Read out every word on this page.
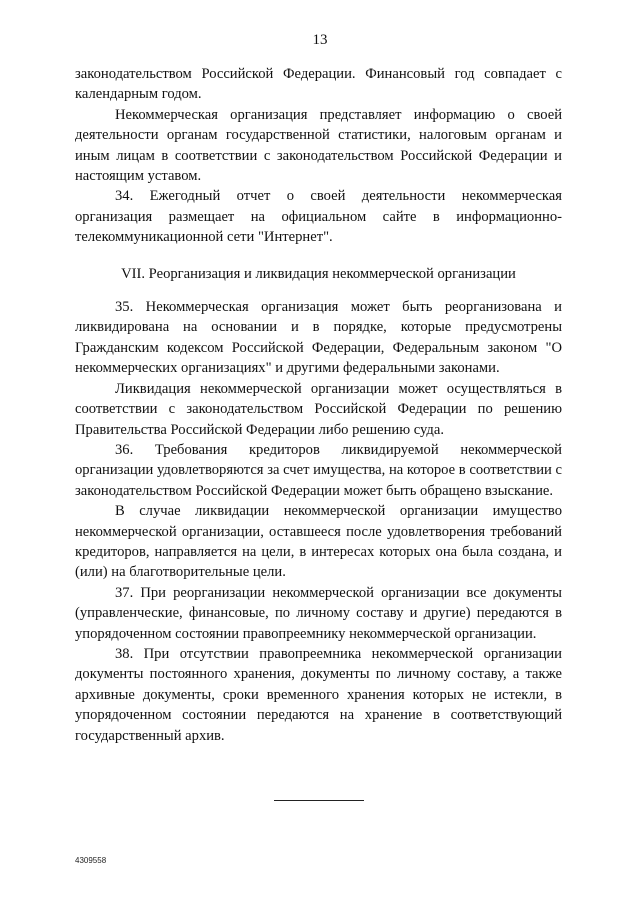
13

законодательством Российской Федерации. Финансовый год совпадает с календарным годом.

Некоммерческая организация представляет информацию о своей деятельности органам государственной статистики, налоговым органам и иным лицам в соответствии с законодательством Российской Федерации и настоящим уставом.

34. Ежегодный отчет о своей деятельности некоммерческая организация размещает на официальном сайте в информационно-телекоммуникационной сети "Интернет".

VII. Реорганизация и ликвидация некоммерческой организации

35. Некоммерческая организация может быть реорганизована и ликвидирована на основании и в порядке, которые предусмотрены Гражданским кодексом Российской Федерации, Федеральным законом "О некоммерческих организациях" и другими федеральными законами.

Ликвидация некоммерческой организации может осуществляться в соответствии с законодательством Российской Федерации по решению Правительства Российской Федерации либо решению суда.

36. Требования кредиторов ликвидируемой некоммерческой организации удовлетворяются за счет имущества, на которое в соответствии с законодательством Российской Федерации может быть обращено взыскание.

В случае ликвидации некоммерческой организации имущество некоммерческой организации, оставшееся после удовлетворения требований кредиторов, направляется на цели, в интересах которых она была создана, и (или) на благотворительные цели.

37. При реорганизации некоммерческой организации все документы (управленческие, финансовые, по личному составу и другие) передаются в упорядоченном состоянии правопреемнику некоммерческой организации.

38. При отсутствии правопреемника некоммерческой организации документы постоянного хранения, документы по личному составу, а также архивные документы, сроки временного хранения которых не истекли, в упорядоченном состоянии передаются на хранение в соответствующий государственный архив.

4309558
